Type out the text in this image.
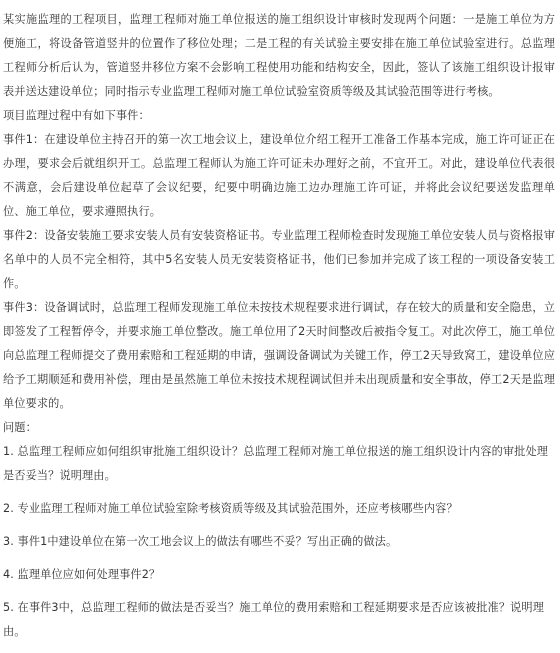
某实施监理的工程项目，监理工程师对施工单位报送的施工组织设计审核时发现两个问题：一是施工单位为方便施工，将设备管道竖井的位置作了移位处理；二是工程的有关试验主要安排在施工单位试验室进行。总监理工程师分析后认为，管道竖井移位方案不会影响工程使用功能和结构安全，因此，签认了该施工组织设计报审表并送达建设单位；同时指示专业监理工程师对施工单位试验室资质等级及其试验范围等进行考核。

项目监理过程中有如下事件：

事件1：在建设单位主持召开的第一次工地会议上，建设单位介绍工程开工准备工作基本完成，施工许可证正在办理，要求会后就组织开工。总监理工程师认为施工许可证未办理好之前，不宜开工。对此，建设单位代表很不满意，会后建设单位起草了会议纪要，纪要中明确边施工边办理施工许可证，并将此会议纪要送发监理单位、施工单位，要求遵照执行。

事件2：设备安装施工要求安装人员有安装资格证书。专业监理工程师检查时发现施工单位安装人员与资格报审名单中的人员不完全相符，其中5名安装人员无安装资格证书，他们已参加并完成了该工程的一项设备安装工作。

事件3：设备调试时，总监理工程师发现施工单位未按技术规程要求进行调试，存在较大的质量和安全隐患，立即签发了工程暂停令，并要求施工单位整改。施工单位用了2天时间整改后被指令复工。对此次停工，施工单位向总监理工程师提交了费用索赔和工程延期的申请，强调设备调试为关键工作，停工2天导致窝工，建设单位应给予工期顺延和费用补偿，理由是虽然施工单位未按技术规程调试但并未出现质量和安全事故，停工2天是监理单位要求的。

问题：

1. 总监理工程师应如何组织审批施工组织设计？总监理工程师对施工单位报送的施工组织设计内容的审批处理是否妥当？说明理由。

2. 专业监理工程师对施工单位试验室除考核资质等级及其试验范围外，还应考核哪些内容？

3. 事件1中建设单位在第一次工地会议上的做法有哪些不妥？写出正确的做法。

4. 监理单位应如何处理事件2？

5. 在事件3中，总监理工程师的做法是否妥当？施工单位的费用索赔和工程延期要求是否应该被批准？说明理由。
